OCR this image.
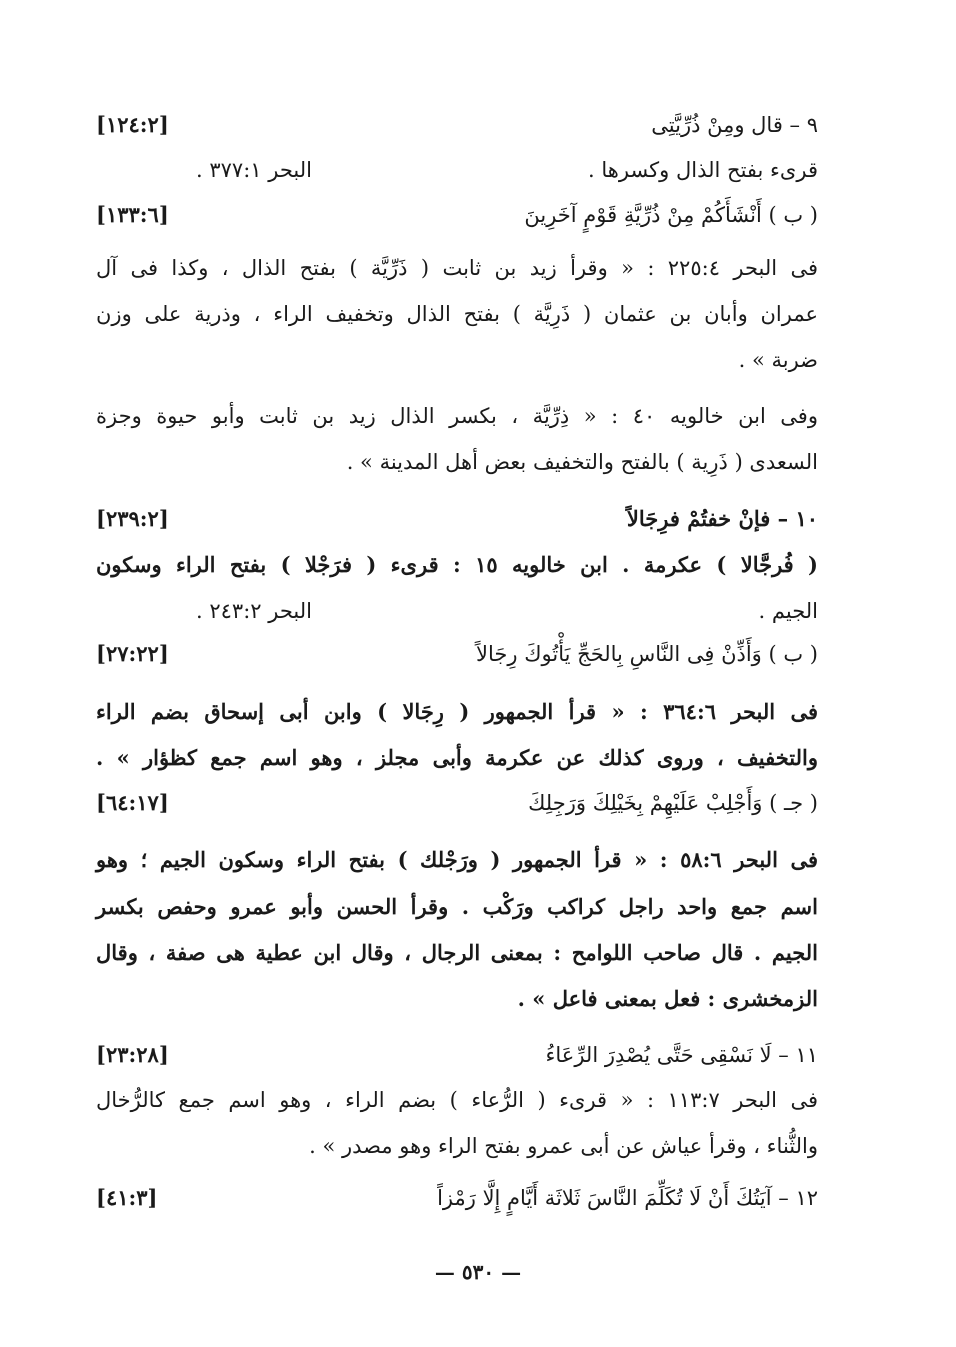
٩ – قال ومِنْ ذُرِّيَّتِى
[١٢٤:٢]
قرىء بفتح الذال وكسرها .
البحر ٣٧٧:١ .
( ب ) أَنْشَأَكُمْ مِنْ ذُرِّيَّةِ قَوْمٍ آخَرِينَ
[١٣٣:٦]
فى البحر ٢٢٥:٤ : « وقرأ زيد بن ثابت ( ذَرِّيَّة ) بفتح الذال ، وكذا فى آل
عمران وأبان بن عثمان ( ذَرِيَّة ) بفتح الذال وتخفيف الراء ، وذرية على وزن
ضربة » .
وفى ابن خالويه ٤٠ : « ذِرِّيَّة ، بكسر الذال زيد بن ثابت وأبو حيوة وجزة
السعدى ( ذَرِية ) بالفتح والتخفيف بعض أهل المدينة » .
١٠ – فإنْ خفتُمْ فرِجَالاً
[٢٣٩:٢]
( فُرجَّالا ) عكرمة . ابن خالويه ١٥ : قرىء ( فرَجْلا ) بفتح الراء وسكون
الجيم .
البحر ٢٤٣:٢ .
( ب ) وَأَذِّنْ فِى النَّاسِ بِالحَجِّ يَأْتُوكَ رِجَالاً
[٢٧:٢٢]
فى البحر ٣٦٤:٦ : « قرأ الجمهور ( رِجَالا ) وابن أبى إسحاق بضم الراء
والتخفيف ، وروى كذلك عن عكرمة وأبى مجلز ، وهو اسم جمع كظؤار » .
( جـ ) وَأَجْلِبْ عَلَيْهِمْ بِخَيْلِكَ وَرَجِلِكَ
[٦٤:١٧]
فى البحر ٥٨:٦ : « قرأ الجمهور ( ورَجْلك ) بفتح الراء وسكون الجيم ؛ وهو
اسم جمع واحد راجل كراكب ورَكْب . وقرأ الحسن وأبو عمرو وحفص بكسر
الجيم . قال صاحب اللوامح : بمعنى الرجال ، وقال ابن عطية هى صفة ، وقال
الزمخشرى : فعل بمعنى فاعل » .
١١ – لَا نَسْقِى حَتَّى يُصْدِرَ الرِّعَاءُ
[٢٣:٢٨]
فى البحر ١١٣:٧ : « قرىء ( الرُّعاء ) بضم الراء ، وهو اسم جمع كالرُّخال
والثُّناء ، وقرأ عياش عن أبى عمرو بفتح الراء وهو مصدر » .
١٢ – آيَتُكَ أَنْ لَا تُكَلِّمَ النَّاسَ ثَلاثَة أَيَّامٍ إِلَّا رَمْزاً
[٤١:٣]
— ٥٣٠ —
